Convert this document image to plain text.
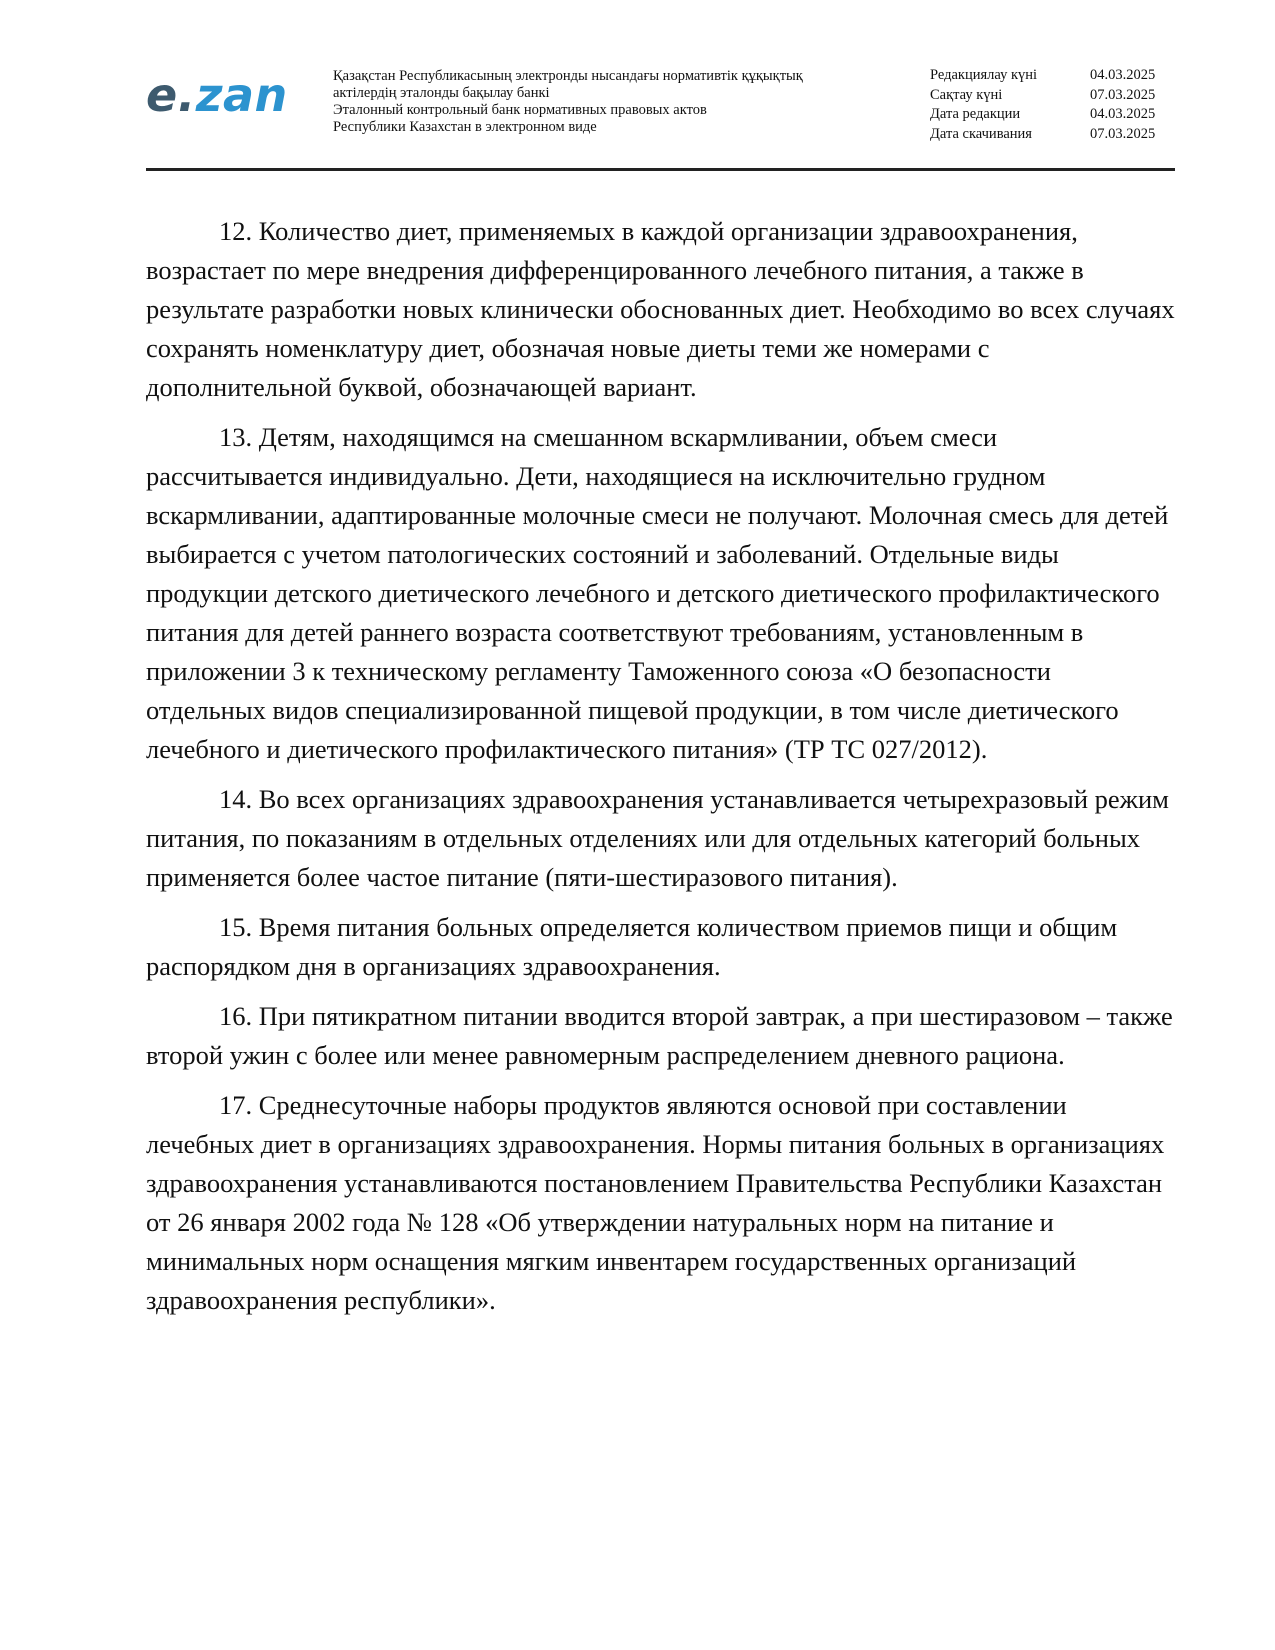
e.zan	Қазақстан Республикасының электронды нысандағы нормативтік құқықтық
актілердің эталонды бақылау банкі
Эталонный контрольный банк нормативных правовых актов
Республики Казахстан в электронном виде
Редакциялау күні	04.03.2025
Сақтау күні	07.03.2025
Дата редакции	04.03.2025
Дата скачивания	07.03.2025

12. Количество диет, применяемых в каждой организации здравоохранения, возрастает по мере внедрения дифференцированного лечебного питания, а также в результате разработки новых клинически обоснованных диет. Необходимо во всех случаях сохранять номенклатуру диет, обозначая новые диеты теми же номерами с дополнительной буквой, обозначающей вариант.

13. Детям, находящимся на смешанном вскармливании, объем смеси рассчитывается индивидуально. Дети, находящиеся на исключительно грудном вскармливании, адаптированные молочные смеси не получают. Молочная смесь для детей выбирается с учетом патологических состояний и заболеваний. Отдельные виды продукции детского диетического лечебного и детского диетического профилактического питания для детей раннего возраста соответствуют требованиям, установленным в приложении 3 к техническому регламенту Таможенного союза «О безопасности отдельных видов специализированной пищевой продукции, в том числе диетического лечебного и диетического профилактического питания» (ТР ТС 027/2012).

14. Во всех организациях здравоохранения устанавливается четырехразовый режим питания, по показаниям в отдельных отделениях или для отдельных категорий больных применяется более частое питание (пяти-шестиразового питания).

15. Время питания больных определяется количеством приемов пищи и общим распорядком дня в организациях здравоохранения.

16. При пятикратном питании вводится второй завтрак, а при шестиразовом – также второй ужин с более или менее равномерным распределением дневного рациона.

17. Среднесуточные наборы продуктов являются основой при составлении лечебных диет в организациях здравоохранения. Нормы питания больных в организациях здравоохранения устанавливаются постановлением Правительства Республики Казахстан от 26 января 2002 года № 128 «Об утверждении натуральных норм на питание и минимальных норм оснащения мягким инвентарем государственных организаций здравоохранения республики».
